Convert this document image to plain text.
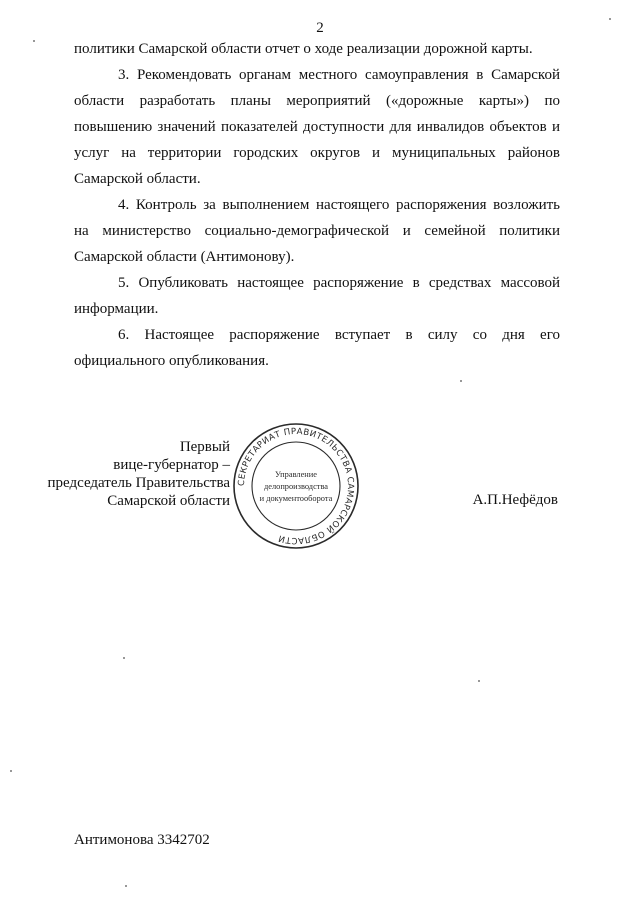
2

политики Самарской области отчет о ходе реализации дорожной карты.

3. Рекомендовать органам местного самоуправления в Самарской области разработать планы мероприятий («дорожные карты») по повышению значений показателей доступности для инвалидов объектов и услуг на территории городских округов и муниципальных районов Самарской области.

4. Контроль за выполнением настоящего распоряжения возложить на министерство социально-демографической и семейной политики Самарской области (Антимонову).

5. Опубликовать настоящее распоряжение в средствах массовой информации.

6. Настоящее распоряжение вступает в силу со дня его официального опубликования.

Первый
вице-губернатор –
председатель Правительства
Самарской области
СЕКРЕТАРИАТ ПРАВИТЕЛЬСТВА САМАРСКОЙ ОБЛАСТИ
Управление
делопроизводства
и документооборота	А.П.Нефёдов
Антимонова 3342702
